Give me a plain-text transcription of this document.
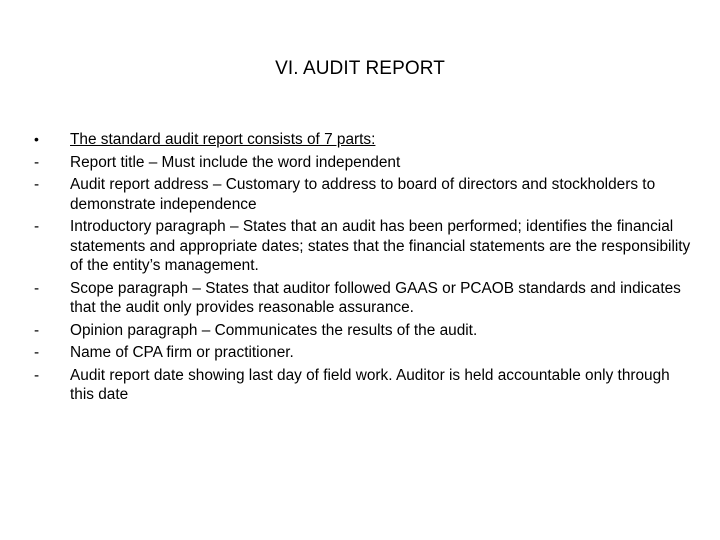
VI. AUDIT REPORT
•	The standard audit report consists of 7 parts:
-	Report title – Must include the word independent
-	Audit report address – Customary to address to board of directors and stockholders to demonstrate independence
-	Introductory paragraph – States that an audit has been performed; identifies the financial statements and appropriate dates; states that the financial statements are the responsibility of the entity’s management.
-	Scope paragraph – States that auditor followed GAAS or PCAOB standards and indicates that the audit only provides reasonable assurance.
-	Opinion paragraph – Communicates the results of the audit.
-	Name of CPA firm or practitioner.
-	Audit report date showing last day of field work. Auditor is held accountable only through this date
